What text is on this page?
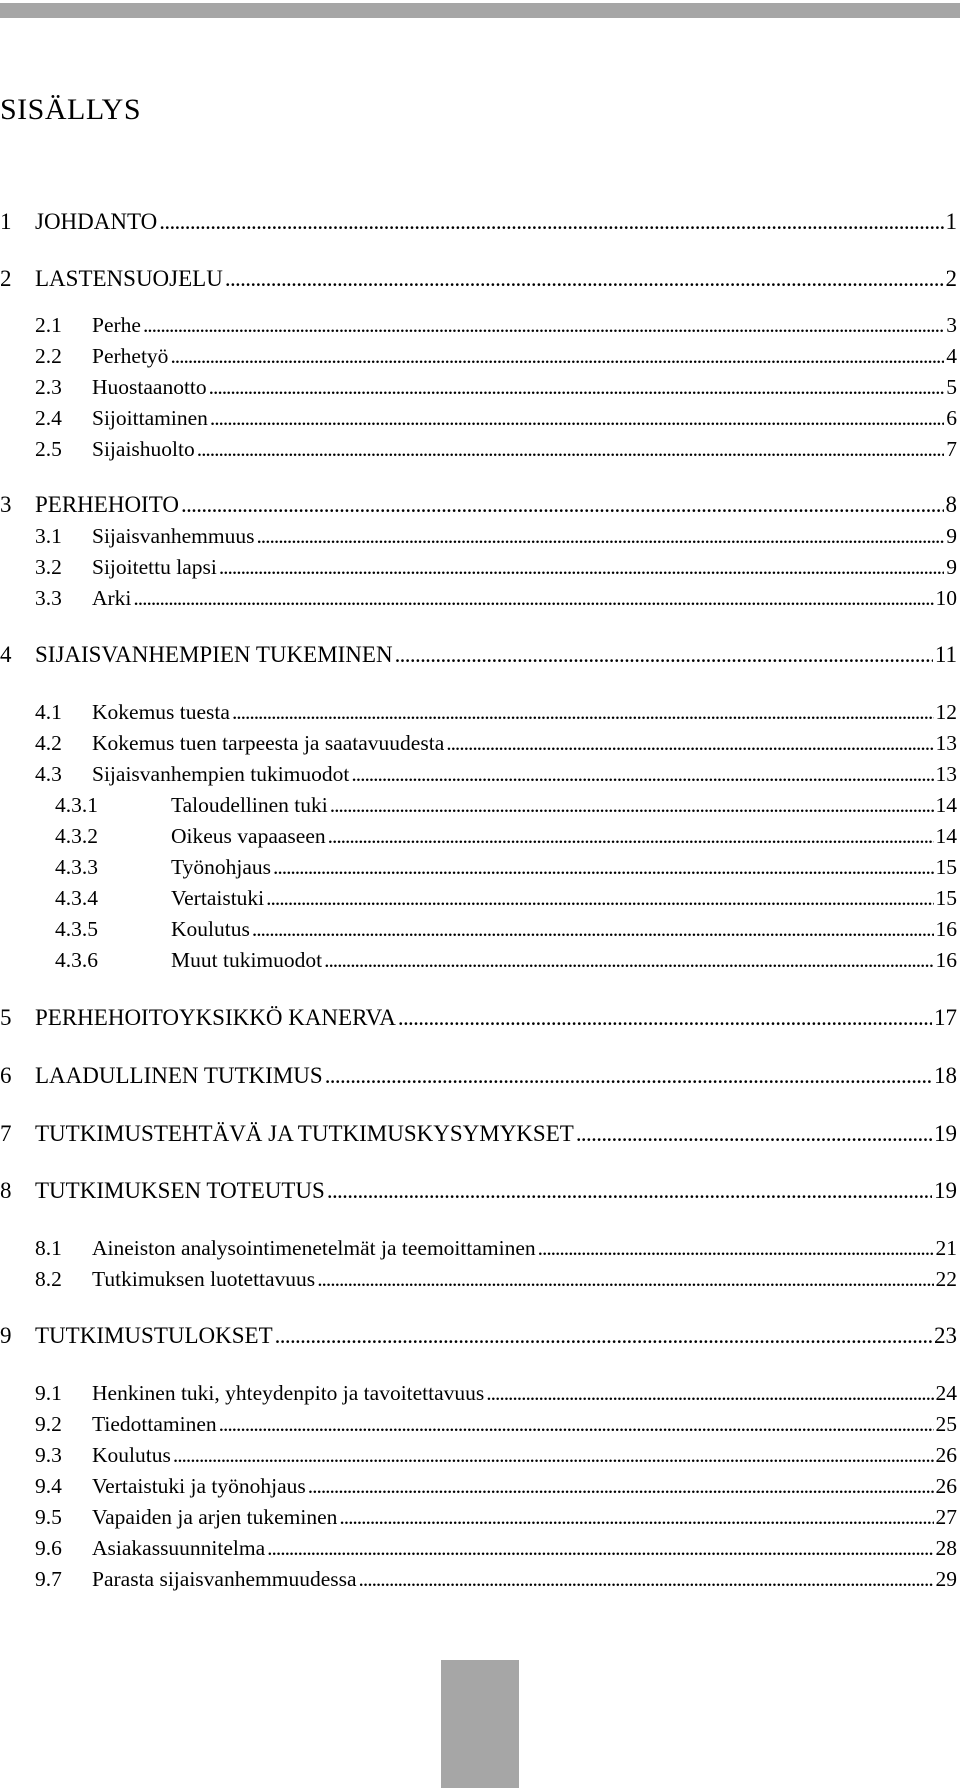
SISÄLLYS
1	JOHDANTO . . .	1
2	LASTENSUOJELU . . .	2
2.1	Perhe . . .	3
2.2	Perhetyö . . .	4
2.3	Huostaanotto . . .	5
2.4	Sijoittaminen . . .	6
2.5	Sijaishuolto . . .	7
3	PERHEHOITO . . .	8
3.1	Sijaisvanhemmuus . . .	9
3.2	Sijoitettu lapsi . . .	9
3.3	Arki . . .	10
4	SIJAISVANHEMPIEN TUKEMINEN . . .	11
4.1	Kokemus tuesta . . .	12
4.2	Kokemus tuen tarpeesta ja saatavuudesta . . .	13
4.3	Sijaisvanhempien tukimuodot . . .	13
4.3.1	Taloudellinen tuki . . .	14
4.3.2	Oikeus vapaaseen . . .	14
4.3.3	Työnohjaus . . .	15
4.3.4	Vertaistuki . . .	15
4.3.5	Koulutus . . .	16
4.3.6	Muut tukimuodot . . .	16
5	PERHEHOITOYKSIKKÖ KANERVA . . .	17
6	LAADULLINEN TUTKIMUS . . .	18
7	TUTKIMUSTEHTÄVÄ JA TUTKIMUSKYSYMYKSET . . .	19
8	TUTKIMUKSEN TOTEUTUS . . .	19
8.1	Aineiston analysointimenetelmät ja teemoittaminen . . .	21
8.2	Tutkimuksen luotettavuus . . .	22
9	TUTKIMUSTULOKSET . . .	23
9.1	Henkinen tuki, yhteydenpito ja tavoitettavuus . . .	24
9.2	Tiedottaminen . . .	25
9.3	Koulutus . . .	26
9.4	Vertaistuki ja työnohjaus . . .	26
9.5	Vapaiden ja arjen tukeminen . . .	27
9.6	Asiakassuunnitelma . . .	28
9.7	Parasta sijaisvanhemmuudessa . . .	29
